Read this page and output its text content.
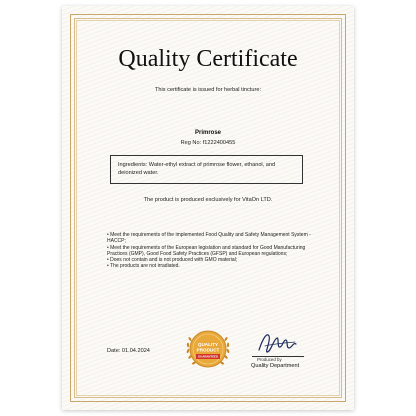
Quality Certificate
This certificate is issued for herbal tincture:
Primrose
Reg No: f1222400455
Ingredients: Water-ethyl extract of primrose flower, ethanol, and deionized water.
The product is produced exclusively for VitaOn LTD.
• Meet the requirements of the implemented Food Quality and Safety Management System - HACCP;
• Meet the requirements of the European legislation and standard for Good Manufacturing Practices (GMP), Good Food Safety Practices (GFSP) and European regulations;
• Does not contain and is not produced with GMO material;
• The products are not irradiated.
Date: 01.04.2024
QUALITY
PRODUCT
GUARANTEED
Produced by
Quality Department
